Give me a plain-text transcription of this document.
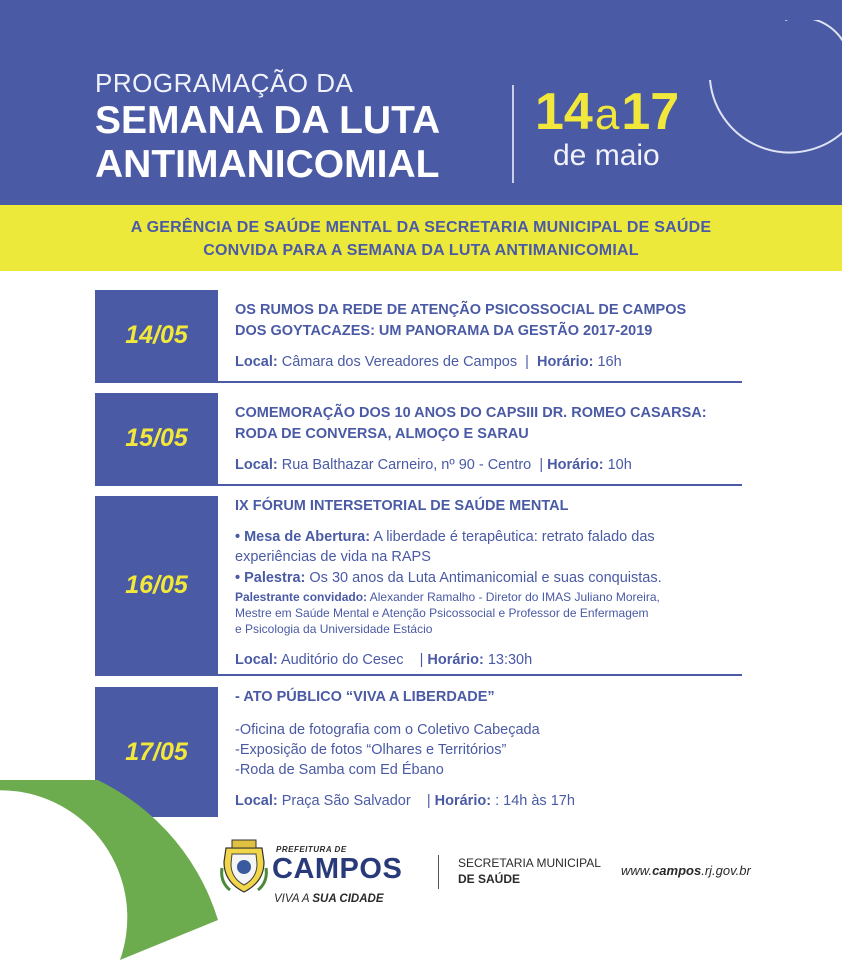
PROGRAMAÇÃO DA
SEMANA DA LUTA
ANTIMANICOMIAL
14a17
de maio
A GERÊNCIA DE SAÚDE MENTAL DA SECRETARIA MUNICIPAL DE SAÚDE
CONVIDA PARA A SEMANA DA LUTA ANTIMANICOMIAL
14/05
OS RUMOS DA REDE DE ATENÇÃO PSICOSSOCIAL DE CAMPOS
DOS GOYTACAZES: UM PANORAMA DA GESTÃO 2017-2019
Local: Câmara dos Vereadores de Campos | Horário: 16h
15/05
COMEMORAÇÃO DOS 10 ANOS DO CAPSIII DR. ROMEO CASARSA:
RODA DE CONVERSA, ALMOÇO E SARAU
Local: Rua Balthazar Carneiro, nº 90 - Centro | Horário: 10h
16/05
IX FÓRUM INTERSETORIAL DE SAÚDE MENTAL
• Mesa de Abertura: A liberdade é terapêutica: retrato falado das
experiências de vida na RAPS
• Palestra: Os 30 anos da Luta Antimanicomial e suas conquistas.
Palestrante convidado: Alexander Ramalho - Diretor do IMAS Juliano Moreira,
Mestre em Saúde Mental e Atenção Psicossocial e Professor de Enfermagem
e Psicologia da Universidade Estácio
Local: Auditório do Cesec | Horário: 13:30h
17/05
- ATO PÚBLICO “VIVA A LIBERDADE”
-Oficina de fotografia com o Coletivo Cabeçada
-Exposição de fotos “Olhares e Territórios”
-Roda de Samba com Ed Ébano
Local: Praça São Salvador | Horário: : 14h às 17h
PREFEITURA DE
CAMPOS
VIVA A SUA CIDADE
SECRETARIA MUNICIPAL
DE SAÚDE
www.campos.rj.gov.br
